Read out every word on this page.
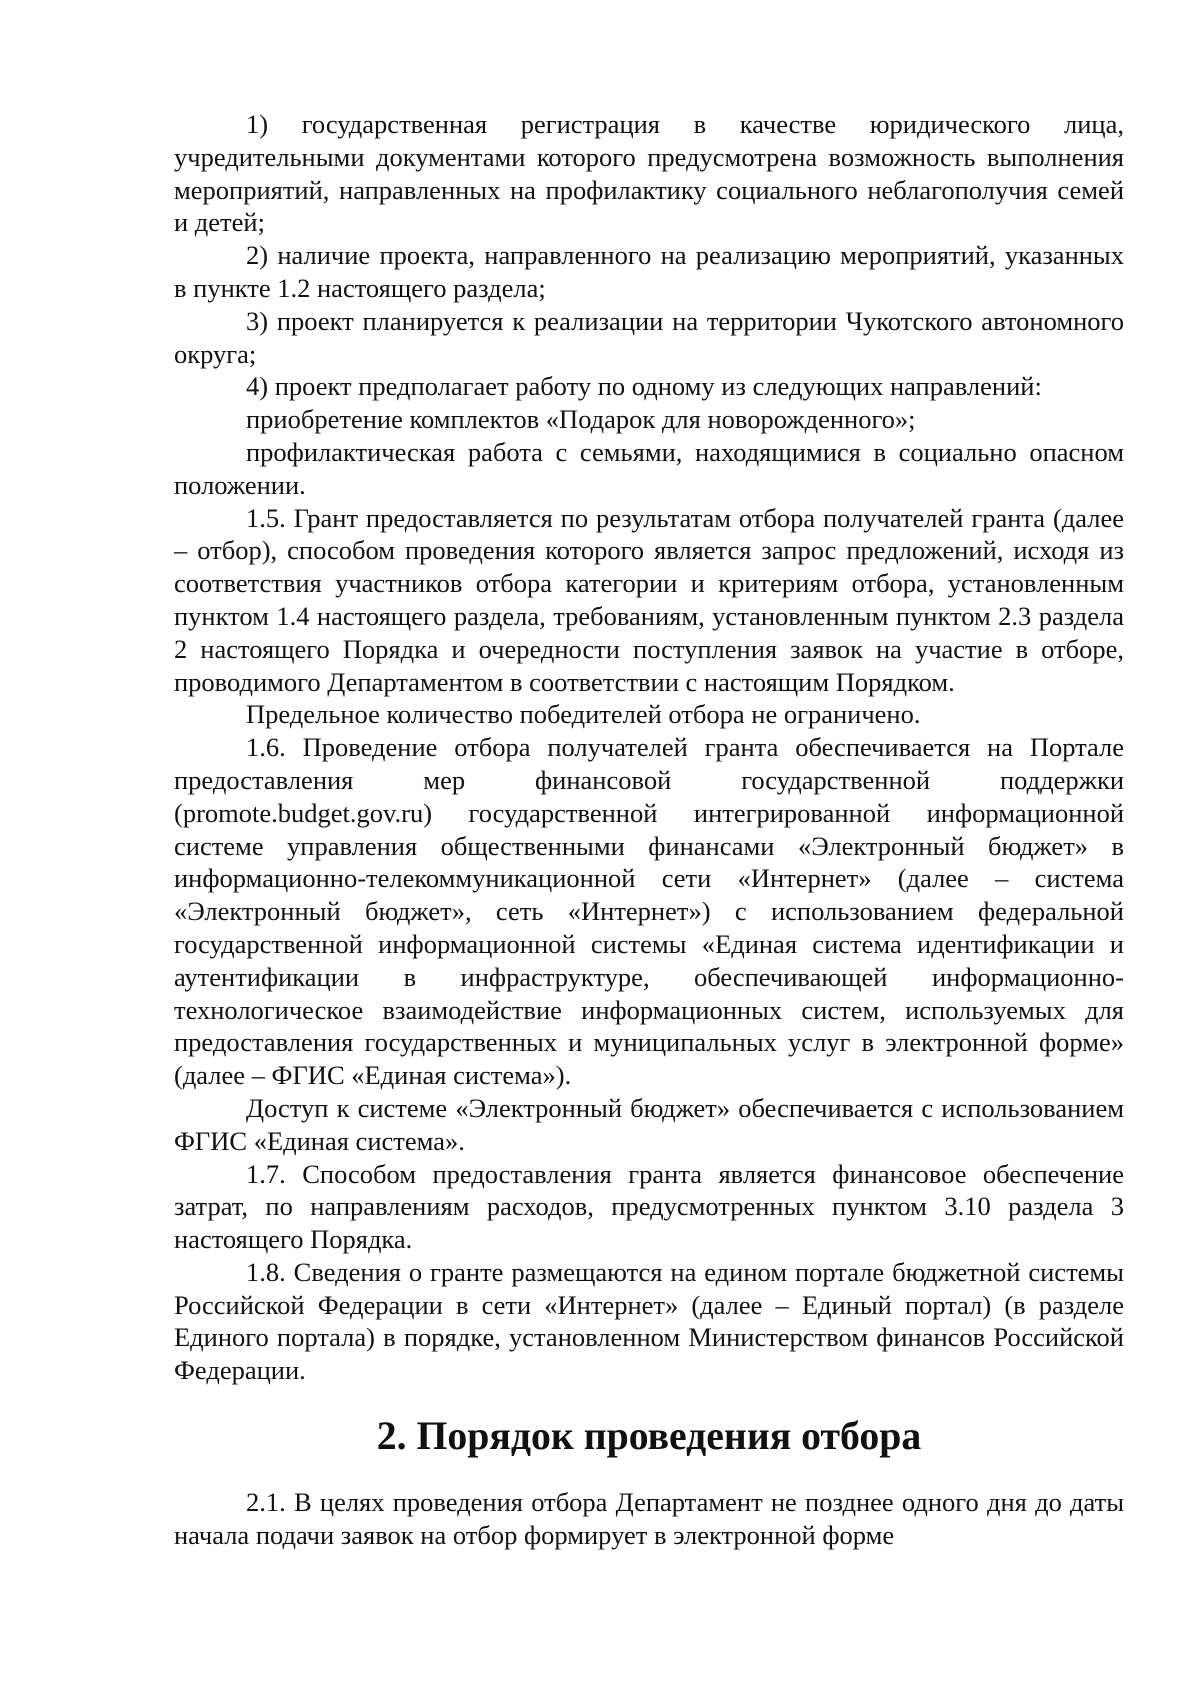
1) государственная регистрация в качестве юридического лица, учредительными документами которого предусмотрена возможность выполнения мероприятий, направленных на профилактику социального неблагополучия семей и детей;

2) наличие проекта, направленного на реализацию мероприятий, указанных в пункте 1.2 настоящего раздела;

3) проект планируется к реализации на территории Чукотского автономного округа;

4) проект предполагает работу по одному из следующих направлений:

приобретение комплектов «Подарок для новорожденного»;

профилактическая работа с семьями, находящимися в социально опасном положении.

1.5. Грант предоставляется по результатам отбора получателей гранта (далее – отбор), способом проведения которого является запрос предложений, исходя из соответствия участников отбора категории и критериям отбора, установленным пунктом 1.4 настоящего раздела, требованиям, установленным пунктом 2.3 раздела 2 настоящего Порядка и очередности поступления заявок на участие в отборе, проводимого Департаментом в соответствии с настоящим Порядком.

Предельное количество победителей отбора не ограничено.

1.6. Проведение отбора получателей гранта обеспечивается на Портале предоставления мер финансовой государственной поддержки (promote.budget.gov.ru) государственной интегрированной информационной системе управления общественными финансами «Электронный бюджет» в информационно-телекоммуникационной сети «Интернет» (далее – система «Электронный бюджет», сеть «Интернет») с использованием федеральной государственной информационной системы «Единая система идентификации и аутентификации в инфраструктуре, обеспечивающей информационно-технологическое взаимодействие информационных систем, используемых для предоставления государственных и муниципальных услуг в электронной форме» (далее – ФГИС «Единая система»).

Доступ к системе «Электронный бюджет» обеспечивается с использованием ФГИС «Единая система».

1.7. Способом предоставления гранта является финансовое обеспечение затрат, по направлениям расходов, предусмотренных пунктом 3.10 раздела 3 настоящего Порядка.

1.8. Сведения о гранте размещаются на едином портале бюджетной системы Российской Федерации в сети «Интернет» (далее – Единый портал) (в разделе Единого портала) в порядке, установленном Министерством финансов Российской Федерации.

2. Порядок проведения отбора

2.1. В целях проведения отбора Департамент не позднее одного дня до даты начала подачи заявок на отбор формирует в электронной форме
